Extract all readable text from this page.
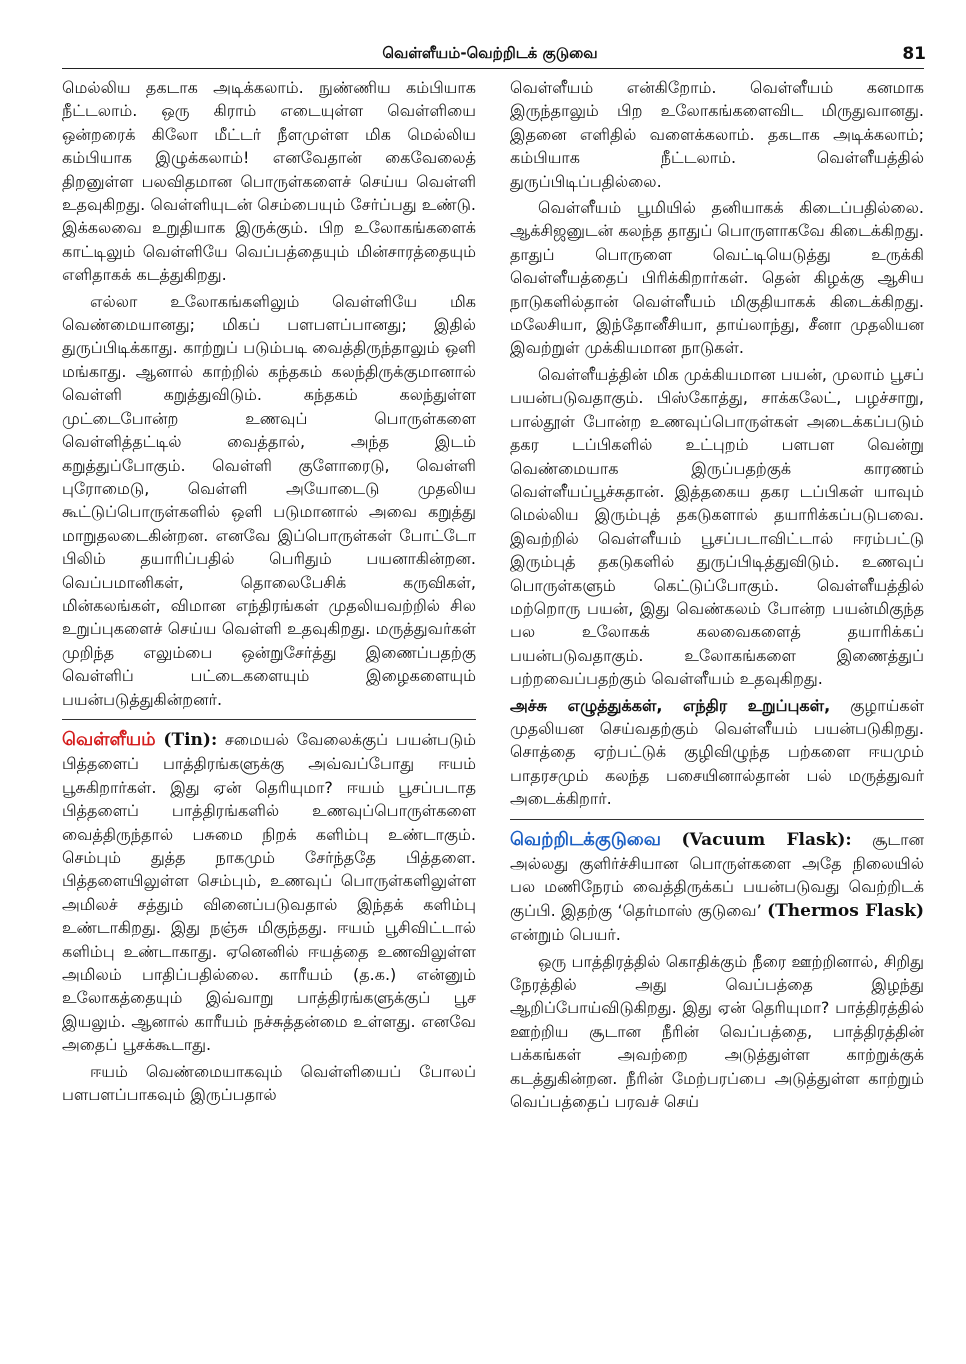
வெள்ளீயம்-வெற்றிடக் குடுவை	81

மெல்லிய தகடாக அடிக்கலாம். நுண்ணிய கம்பியாக நீட்டலாம். ஒரு கிராம் எடையுள்ள வெள்ளியை ஒன்றரைக் கிலோ மீட்டர் நீளமுள்ள மிக மெல்லிய கம்பியாக இழுக்கலாம்! எனவேதான் கைவேலைத் திறனுள்ள பலவிதமான பொருள்களைச் செய்ய வெள்ளி உதவுகிறது. வெள்ளியுடன் செம்பையும் சேர்ப்பது உண்டு. இக்கலவை உறுதியாக இருக்கும். பிற உலோகங்களைக் காட்டிலும் வெள்ளியே வெப்பத்தையும் மின்சாரத்தையும் எளிதாகக் கடத்துகிறது.

எல்லா உலோகங்களிலும் வெள்ளியே மிக வெண்மையானது; மிகப் பளபளப்பானது; இதில் துருப்பிடிக்காது. காற்றுப் படும்படி வைத்திருந்தாலும் ஒளி மங்காது. ஆனால் காற்றில் கந்தகம் கலந்திருக்குமானால் வெள்ளி கறுத்துவிடும். கந்தகம் கலந்துள்ள முட்டைபோன்ற உணவுப் பொருள்களை வெள்ளித்தட்டில் வைத்தால், அந்த இடம் கறுத்துப்போகும். வெள்ளி குளோரைடு, வெள்ளி புரோமைடு, வெள்ளி அயோடைடு முதலிய கூட்டுப்பொருள்களில் ஒளி படுமானால் அவை கறுத்து மாறுதலடைகின்றன. எனவே இப்பொருள்கள் போட்டோ பிலிம் தயாரிப்பதில் பெரிதும் பயனாகின்றன. வெப்பமானிகள், தொலைபேசிக் கருவிகள், மின்கலங்கள், விமான எந்திரங்கள் முதலியவற்றில் சில உறுப்புகளைச் செய்ய வெள்ளி உதவுகிறது. மருத்துவர்கள் முறிந்த எலும்பை ஒன்றுசேர்த்து இணைப்பதற்கு வெள்ளிப் பட்டைகளையும் இழைகளையும் பயன்படுத்துகின்றனர்.

வெள்ளீயம் (Tin): சமையல் வேலைக்குப் பயன்படும் பித்தளைப் பாத்திரங்களுக்கு அவ்வப்போது ஈயம் பூசுகிறார்கள். இது ஏன் தெரியுமா? ஈயம் பூசப்படாத பித்தளைப் பாத்திரங்களில் உணவுப்பொருள்களை வைத்திருந்தால் பசுமை நிறக் களிம்பு உண்டாகும். செம்பும் துத்த நாகமும் சேர்ந்ததே பித்தளை. பித்தளையிலுள்ள செம்பும், உணவுப் பொருள்களிலுள்ள அமிலச் சத்தும் வினைப்படுவதால் இந்தக் களிம்பு உண்டாகிறது. இது நஞ்சு மிகுந்தது. ஈயம் பூசிவிட்டால் களிம்பு உண்டாகாது. ஏனெனில் ஈயத்தை உணவிலுள்ள அமிலம் பாதிப்பதில்லை. காரீயம் (த.க.) என்னும் உலோகத்தையும் இவ்வாறு பாத்திரங்களுக்குப் பூச இயலும். ஆனால் காரீயம் நச்சுத்தன்மை உள்ளது. எனவே அதைப் பூசக்கூடாது.

ஈயம் வெண்மையாகவும் வெள்ளியைப் போலப் பளபளப்பாகவும் இருப்பதால்

வெள்ளீயம் என்கிறோம். வெள்ளீயம் கனமாக இருந்தாலும் பிற உலோகங்களைவிட மிருதுவானது. இதனை எளிதில் வளைக்கலாம். தகடாக அடிக்கலாம்; கம்பியாக நீட்டலாம். வெள்ளீயத்தில் துருப்பிடிப்பதில்லை.

வெள்ளீயம் பூமியில் தனியாகக் கிடைப்பதில்லை. ஆக்சிஜனுடன் கலந்த தாதுப் பொருளாகவே கிடைக்கிறது. தாதுப் பொருளை வெட்டியெடுத்து உருக்கி வெள்ளீயத்தைப் பிரிக்கிறார்கள். தென் கிழக்கு ஆசிய நாடுகளில்தான் வெள்ளீயம் மிகுதியாகக் கிடைக்கிறது. மலேசியா, இந்தோனீசியா, தாய்லாந்து, சீனா முதலியன இவற்றுள் முக்கியமான நாடுகள்.

வெள்ளீயத்தின் மிக முக்கியமான பயன், முலாம் பூசப் பயன்படுவதாகும். பிஸ்கோத்து, சாக்கலேட், பழச்சாறு, பால்தூள் போன்ற உணவுப்பொருள்கள் அடைக்கப்படும் தகர டப்பிகளில் உட்புறம் பளபள வென்று வெண்மையாக இருப்பதற்குக் காரணம் வெள்ளீயப்பூச்சுதான். இத்தகைய தகர டப்பிகள் யாவும் மெல்லிய இரும்புத் தகடுகளால் தயாரிக்கப்படுபவை. இவற்றில் வெள்ளீயம் பூசப்படாவிட்டால் ஈரம்பட்டு இரும்புத் தகடுகளில் துருப்பிடித்துவிடும். உணவுப் பொருள்களும் கெட்டுப்போகும். வெள்ளீயத்தில் மற்றொரு பயன், இது வெண்கலம் போன்ற பயன்மிகுந்த பல உலோகக் கலவைகளைத் தயாரிக்கப் பயன்படுவதாகும். உலோகங்களை இணைத்துப் பற்றவைப்பதற்கும் வெள்ளீயம் உதவுகிறது.

அச்சு எழுத்துக்கள், எந்திர உறுப்புகள், குழாய்கள் முதலியன செய்வதற்கும் வெள்ளீயம் பயன்படுகிறது. சொத்தை ஏற்பட்டுக் குழிவிழுந்த பற்களை ஈயமும் பாதரசமும் கலந்த பசையினால்தான் பல் மருத்துவர் அடைக்கிறார்.

வெற்றிடக்குடுவை (Vacuum Flask): சூடான அல்லது குளிர்ச்சியான பொருள்களை அதே நிலையில் பல மணிநேரம் வைத்திருக்கப் பயன்படுவது வெற்றிடக் குப்பி. இதற்கு ‘தெர்மாஸ் குடுவை’ (Thermos Flask) என்றும் பெயர்.

ஒரு பாத்திரத்தில் கொதிக்கும் நீரை ஊற்றினால், சிறிது நேரத்தில் அது வெப்பத்தை இழந்து ஆறிப்போய்விடுகிறது. இது ஏன் தெரியுமா? பாத்திரத்தில் ஊற்றிய சூடான நீரின் வெப்பத்தை, பாத்திரத்தின் பக்கங்கள் அவற்றை அடுத்துள்ள காற்றுக்குக் கடத்துகின்றன. நீரின் மேற்பரப்பை அடுத்துள்ள காற்றும் வெப்பத்தைப் பரவச் செய்
